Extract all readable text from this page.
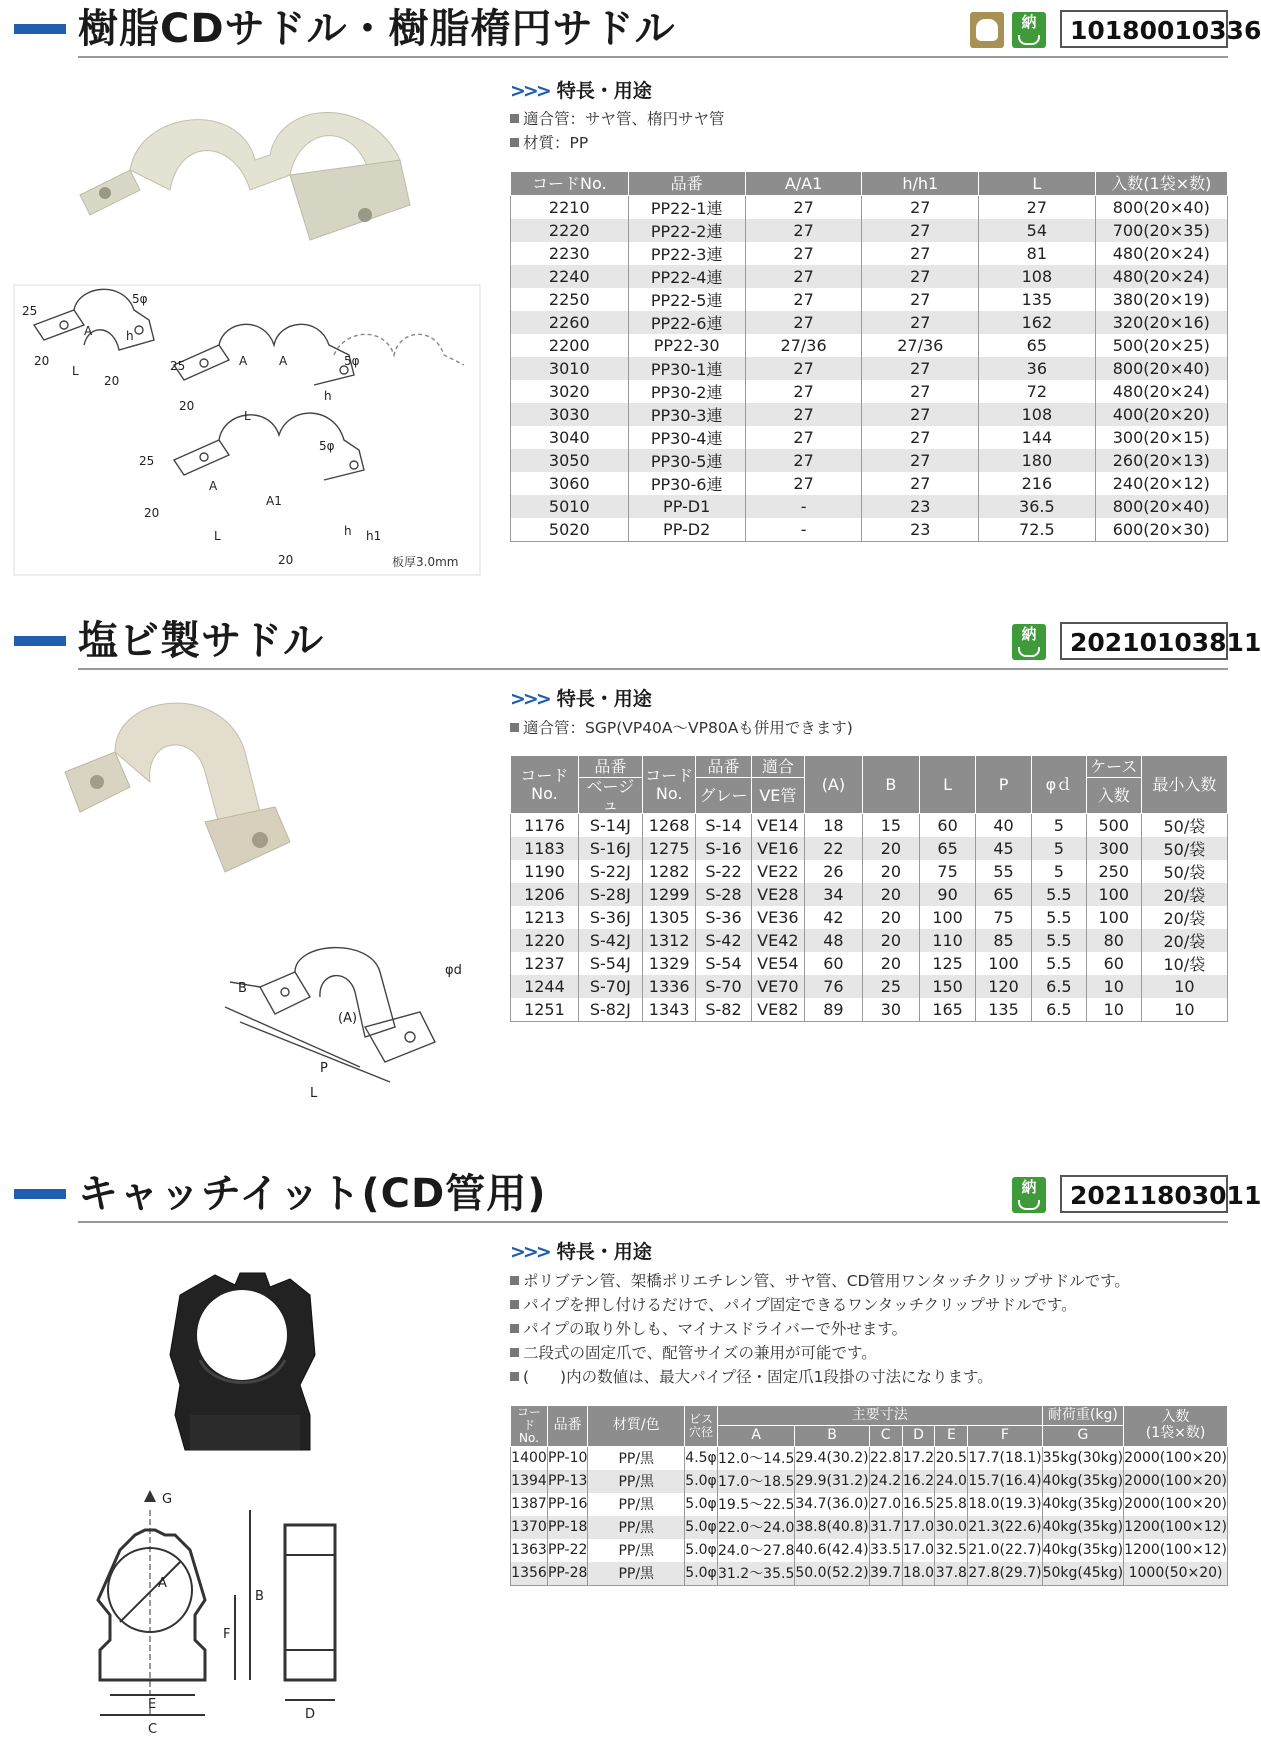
樹脂CDサドル・樹脂楕円サドル	納	10180010336
25
5φ
A	h
20
L
20
25	5φ
A	A
h
20
L
25
5φ
A
A1
h h1
20
L
20	板厚3.0mm
>>> 特長・用途
適合管：サヤ管、楕円サヤ管
材質：PP
コードNo.	品番	A/A1	h/h1	L	入数(1袋×数)
2210	PP22-1連	27	27	27	800(20×40)
2220	PP22-2連	27	27	54	700(20×35)
2230	PP22-3連	27	27	81	480(20×24)
2240	PP22-4連	27	27	108	480(20×24)
2250	PP22-5連	27	27	135	380(20×19)
2260	PP22-6連	27	27	162	320(20×16)
2200	PP22-30	27/36	27/36	65	500(20×25)
3010	PP30-1連	27	27	36	800(20×40)
3020	PP30-2連	27	27	72	480(20×24)
3030	PP30-3連	27	27	108	400(20×20)
3040	PP30-4連	27	27	144	300(20×15)
3050	PP30-5連	27	27	180	260(20×13)
3060	PP30-6連	27	27	216	240(20×12)
5010	PP-D1	-	23	36.5	800(20×40)
5020	PP-D2	-	23	72.5	600(20×30)
塩ビ製サドル	納	20210103811
B
φd
(A)
P
L
>>> 特長・用途
適合管：SGP(VP40A～VP80Aも併用できます)
コード
No.	品番	コード
No.	品番	適合	(A)	B	L	P	φｄ	ケース	最小入数
	ベージュ		グレー	VE管						入数	
1176	S-14J	1268	S-14	VE14	18	15	60	40	5	500	50/袋
1183	S-16J	1275	S-16	VE16	22	20	65	45	5	300	50/袋
1190	S-22J	1282	S-22	VE22	26	20	75	55	5	250	50/袋
1206	S-28J	1299	S-28	VE28	34	20	90	65	5.5	100	20/袋
1213	S-36J	1305	S-36	VE36	42	20	100	75	5.5	100	20/袋
1220	S-42J	1312	S-42	VE42	48	20	110	85	5.5	80	20/袋
1237	S-54J	1329	S-54	VE54	60	20	125	100	5.5	60	10/袋
1244	S-70J	1336	S-70	VE70	76	25	150	120	6.5	10	10
1251	S-82J	1343	S-82	VE82	89	30	165	135	6.5	10	10
キャッチイット(CD管用)	納	20211803011
G
A
B
F
E
C
D
>>> 特長・用途
ポリブテン管、架橋ポリエチレン管、サヤ管、CD管用ワンタッチクリップサドルです。
パイプを押し付けるだけで、パイプ固定できるワンタッチクリップサドルです。
パイプの取り外しも、マイナスドライバーで外せます。
二段式の固定爪で、配管サイズの兼用が可能です。
(　　)内の数値は、最大パイプ径・固定爪1段掛の寸法になります。
コード
No.	品番	材質/色	ビス
穴径	主要寸法						耐荷重(kg)	入数
(1袋×数)
				A	B	C	D	E	F	G	
1400	PP-10	PP/黒	4.5φ	12.0～14.5	29.4(30.2)	22.8	17.2	20.5	17.7(18.1)	35kg(30kg)	2000(100×20)
1394	PP-13	PP/黒	5.0φ	17.0～18.5	29.9(31.2)	24.2	16.2	24.0	15.7(16.4)	40kg(35kg)	2000(100×20)
1387	PP-16	PP/黒	5.0φ	19.5～22.5	34.7(36.0)	27.0	16.5	25.8	18.0(19.3)	40kg(35kg)	2000(100×20)
1370	PP-18	PP/黒	5.0φ	22.0～24.0	38.8(40.8)	31.7	17.0	30.0	21.3(22.6)	40kg(35kg)	1200(100×12)
1363	PP-22	PP/黒	5.0φ	24.0～27.8	40.6(42.4)	33.5	17.0	32.5	21.0(22.7)	40kg(35kg)	1200(100×12)
1356	PP-28	PP/黒	5.0φ	31.2～35.5	50.0(52.2)	39.7	18.0	37.8	27.8(29.7)	50kg(45kg)	1000(50×20)
